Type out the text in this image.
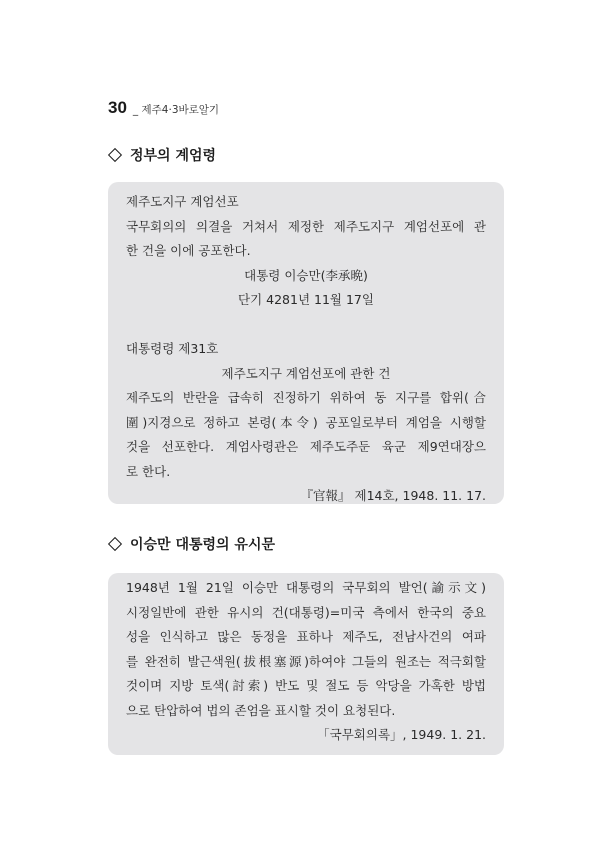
30 _ 제주4·3바로알기
정부의 계엄령
제주도지구 계엄선포
국무회의의 의결을 거쳐서 제정한 제주도지구 계엄선포에 관
한 건을 이에 공포한다.
대통령 이승만(李承晩)
단기 4281년 11월 17일
대통령령 제31호
제주도지구 계엄선포에 관한 건
제주도의 반란을 급속히 진정하기 위하여 동 지구를 합위(合
圍)지경으로 정하고 본령(本令) 공포일로부터 계엄을 시행할
것을 선포한다. 계엄사령관은 제주도주둔 육군 제9연대장으
로 한다.
『官報』 제14호, 1948. 11. 17.
이승만 대통령의 유시문
1948년 1월 21일 이승만 대통령의 국무회의 발언(諭示文)
시정일반에 관한 유시의 건(대통령)=미국 측에서 한국의 중요
성을 인식하고 많은 동정을 표하나 제주도, 전남사건의 여파
를 완전히 발근색원(拔根塞源)하여야 그들의 원조는 적극회할
것이며 지방 토색(討索) 반도 및 절도 등 악당을 가혹한 방법
으로 탄압하여 법의 존엄을 표시할 것이 요청된다.
「국무회의록」, 1949. 1. 21.
